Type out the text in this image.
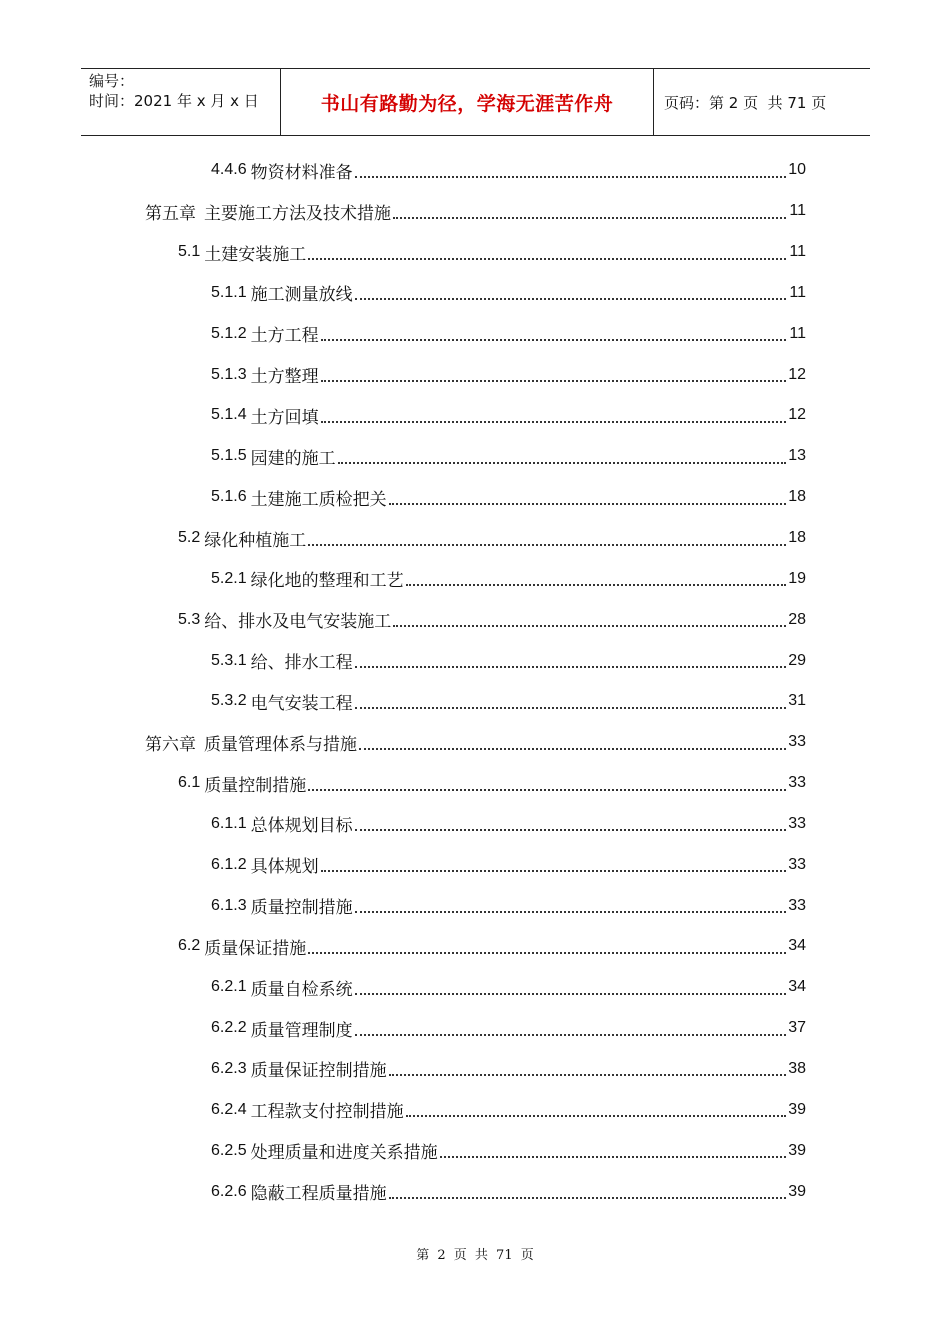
编号：
时间：2021 年 x 月 x 日	书山有路勤为径，学海无涯苦作舟	页码：第 2 页  共 71 页
4.4.6 物资材料准备	10
第五章 主要施工方法及技术措施	11
5.1 土建安装施工	11
5.1.1 施工测量放线	11
5.1.2 土方工程	11
5.1.3 土方整理	12
5.1.4 土方回填	12
5.1.5 园建的施工	13
5.1.6 土建施工质检把关	18
5.2 绿化种植施工	18
5.2.1 绿化地的整理和工艺	19
5.3 给、排水及电气安装施工	28
5.3.1 给、排水工程	29
5.3.2 电气安装工程	31
第六章 质量管理体系与措施	33
6.1 质量控制措施	33
6.1.1 总体规划目标	33
6.1.2 具体规划	33
6.1.3 质量控制措施	33
6.2 质量保证措施	34
6.2.1 质量自检系统	34
6.2.2 质量管理制度	37
6.2.3 质量保证控制措施	38
6.2.4 工程款支付控制措施	39
6.2.5 处理质量和进度关系措施	39
6.2.6 隐蔽工程质量措施	39
第 2 页 共 71 页
